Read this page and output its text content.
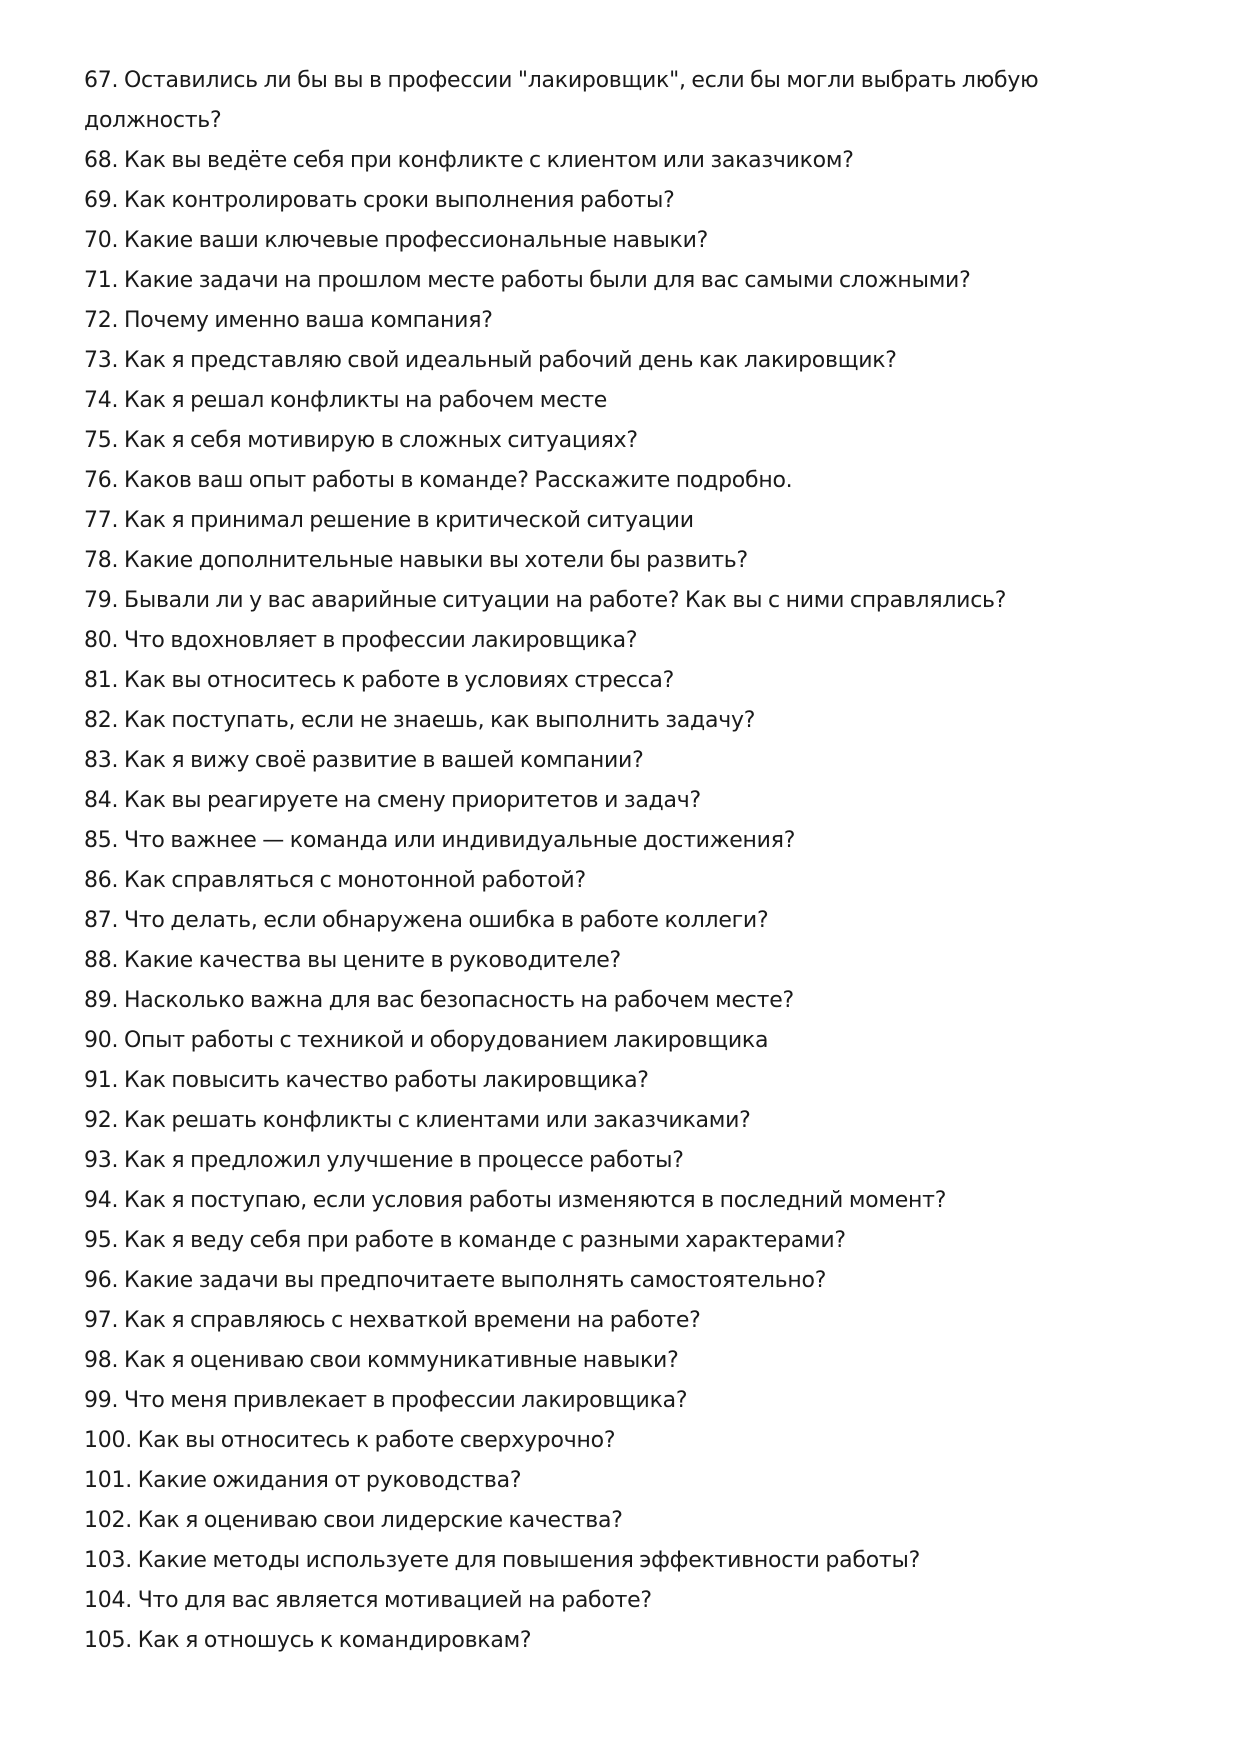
67. Оставились ли бы вы в профессии "лакировщик", если бы могли выбрать любую должность?
68. Как вы ведёте себя при конфликте с клиентом или заказчиком?
69. Как контролировать сроки выполнения работы?
70. Какие ваши ключевые профессиональные навыки?
71. Какие задачи на прошлом месте работы были для вас самыми сложными?
72. Почему именно ваша компания?
73. Как я представляю свой идеальный рабочий день как лакировщик?
74. Как я решал конфликты на рабочем месте
75. Как я себя мотивирую в сложных ситуациях?
76. Каков ваш опыт работы в команде? Расскажите подробно.
77. Как я принимал решение в критической ситуации
78. Какие дополнительные навыки вы хотели бы развить?
79. Бывали ли у вас аварийные ситуации на работе? Как вы с ними справлялись?
80. Что вдохновляет в профессии лакировщика?
81. Как вы относитесь к работе в условиях стресса?
82. Как поступать, если не знаешь, как выполнить задачу?
83. Как я вижу своё развитие в вашей компании?
84. Как вы реагируете на смену приоритетов и задач?
85. Что важнее — команда или индивидуальные достижения?
86. Как справляться с монотонной работой?
87. Что делать, если обнаружена ошибка в работе коллеги?
88. Какие качества вы цените в руководителе?
89. Насколько важна для вас безопасность на рабочем месте?
90. Опыт работы с техникой и оборудованием лакировщика
91. Как повысить качество работы лакировщика?
92. Как решать конфликты с клиентами или заказчиками?
93. Как я предложил улучшение в процессе работы?
94. Как я поступаю, если условия работы изменяются в последний момент?
95. Как я веду себя при работе в команде с разными характерами?
96. Какие задачи вы предпочитаете выполнять самостоятельно?
97. Как я справляюсь с нехваткой времени на работе?
98. Как я оцениваю свои коммуникативные навыки?
99. Что меня привлекает в профессии лакировщика?
100. Как вы относитесь к работе сверхурочно?
101. Какие ожидания от руководства?
102. Как я оцениваю свои лидерские качества?
103. Какие методы используете для повышения эффективности работы?
104. Что для вас является мотивацией на работе?
105. Как я отношусь к командировкам?
